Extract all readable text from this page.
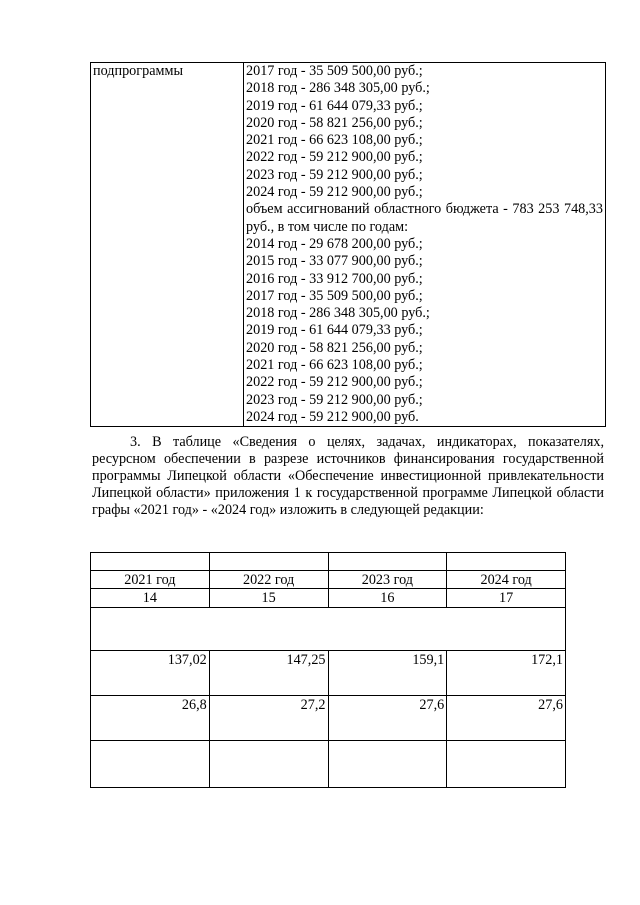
подпрограммы	2017 год - 35 509 500,00 руб.;
2018 год - 286 348 305,00 руб.;
2019 год - 61 644 079,33 руб.;
2020 год - 58 821 256,00 руб.;
2021 год - 66 623 108,00 руб.;
2022 год - 59 212 900,00 руб.;
2023 год - 59 212 900,00 руб.;
2024 год - 59 212 900,00 руб.;
объем ассигнований областного бюджета - 783 253 748,33 руб., в том числе по годам:
2014 год - 29 678 200,00 руб.;
2015 год - 33 077 900,00 руб.;
2016 год - 33 912 700,00 руб.;
2017 год - 35 509 500,00 руб.;
2018 год - 286 348 305,00 руб.;
2019 год - 61 644 079,33 руб.;
2020 год - 58 821 256,00 руб.;
2021 год - 66 623 108,00 руб.;
2022 год - 59 212 900,00 руб.;
2023 год - 59 212 900,00 руб.;
2024 год - 59 212 900,00 руб.
3. В таблице «Сведения о целях, задачах, индикаторах, показателях, ресурсном обеспечении в разрезе источников финансирования государственной программы Липецкой области «Обеспечение инвестиционной привлекательности Липецкой области» приложения 1 к государственной программе Липецкой области графы «2021 год» - «2024 год» изложить в следующей редакции:

2021 год	2022 год	2023 год	2024 год
14	15	16	17

137,02	147,25	159,1	172,1
26,8	27,2	27,6	27,6
